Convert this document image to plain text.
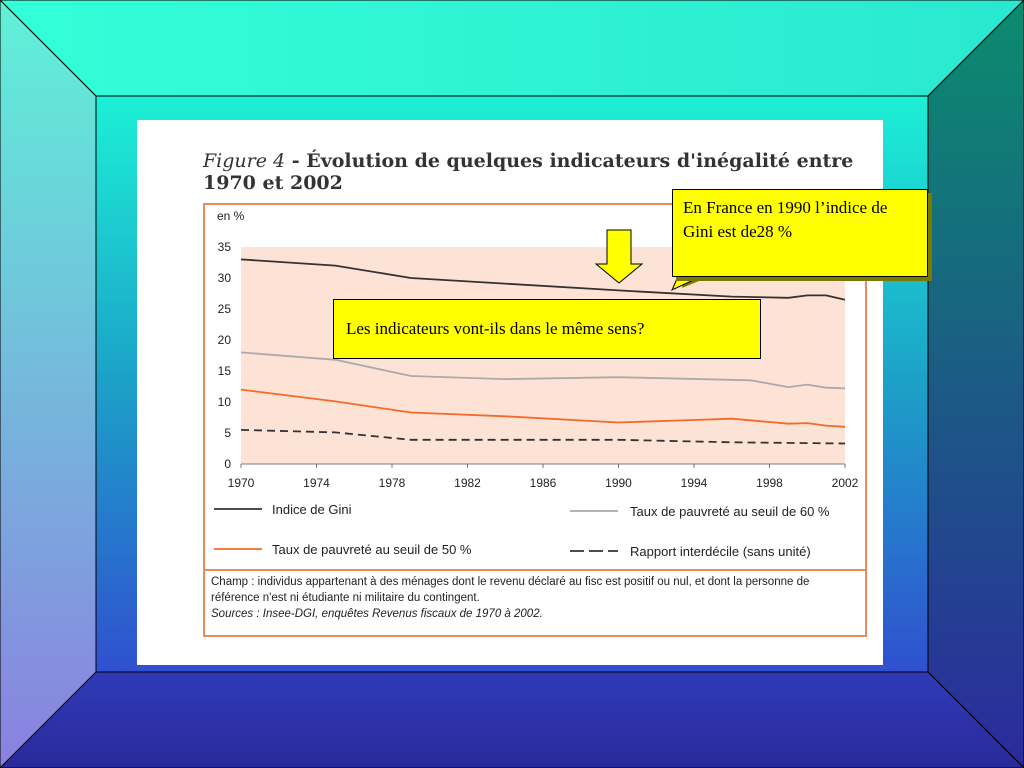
Figure 4 - Évolution de quelques indicateurs d'inégalité entre 1970 et 2002
0
5
10
15
20
25
30
35
1970	1974	1978	1982	1986	1990	1994	1998	2002
en %
Indice de Gini	Taux de pauvreté au seuil de 60 %
Taux de pauvreté au seuil de 50 %	Rapport interdécile (sans unité)
Champ : individus appartenant à des ménages dont le revenu déclaré au fisc est positif ou nul, et dont la personne de référence n'est ni étudiante ni militaire du contingent.
Sources : Insee-DGI, enquêtes Revenus fiscaux de 1970 à 2002.
En France en 1990 l’indice de Gini est de28 %
Les indicateurs vont-ils dans le même sens?
